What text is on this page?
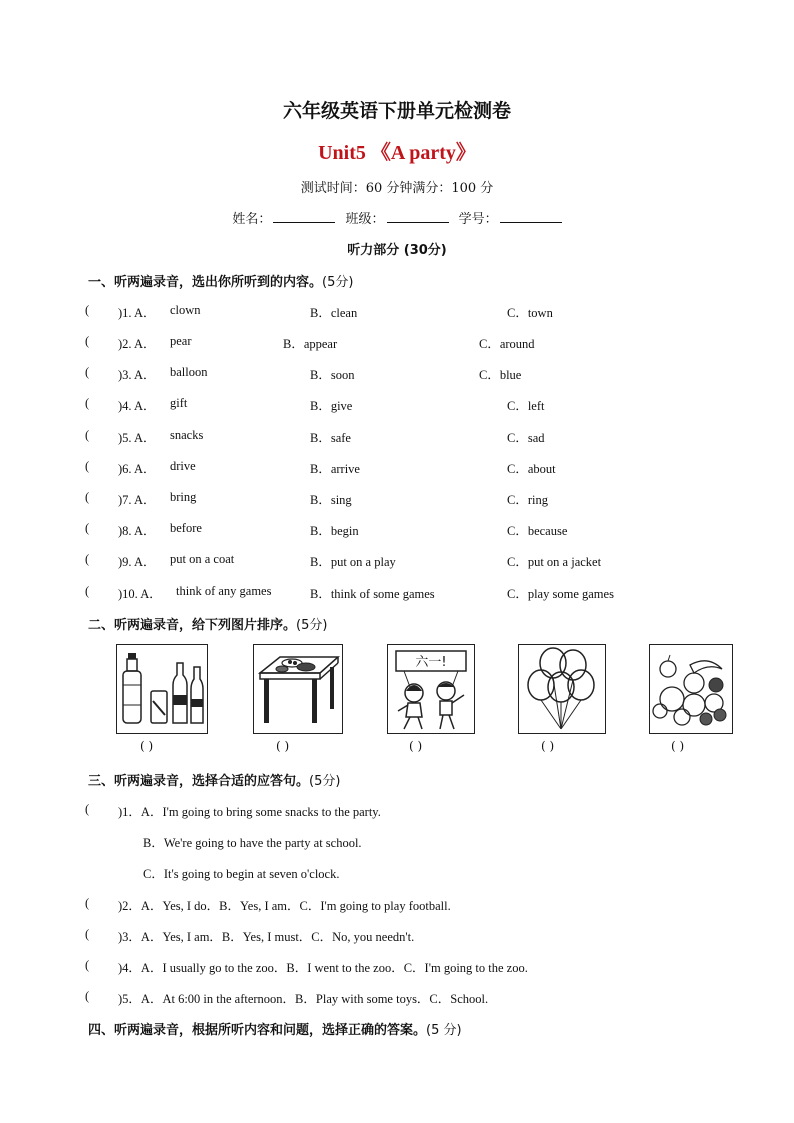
六年级英语下册单元检测卷
Unit5 《A party》
测试时间：60 分钟满分：100 分
姓名：	班级：	学号：
听力部分 (30分)
一、听两遍录音，选出你所听到的内容。(5分)
( )1. A． clown	B．clean	C．town
( )2. A． pear	B．appear	C．around
( )3. A． balloon	B．soon	C．blue
( )4. A． gift	B．give	C．left
( )5. A． snacks	B．safe	C．sad
( )6. A． drive	B．arrive	C．about
( )7. A． bring	B．sing	C．ring
( )8. A． before	B．begin	C．because
( )9. A． put on a coat	B．put on a play	C．put on a jacket
( )10. A． think of any games	B．think of some games	C．play some games
二、听两遍录音，给下列图片排序。(5分)
六一!
( )	( )	( )	( )	( )
三、听两遍录音，选择合适的应答句。(5分)
( )1．A．I'm going to bring some snacks to the party.
B．We're going to have the party at school.
C．It's going to begin at seven o'clock.
( )2．A．Yes, I do．B．Yes, I am．C．I'm going to play football.
( )3．A．Yes, I am．B．Yes, I must．C．No, you needn't.
( )4．A．I usually go to the zoo．B．I went to the zoo．C．I'm going to the zoo.
( )5．A．At 6:00 in the afternoon．B．Play with some toys．C．School.
四、听两遍录音，根据所听内容和问题，选择正确的答案。(5 分)
